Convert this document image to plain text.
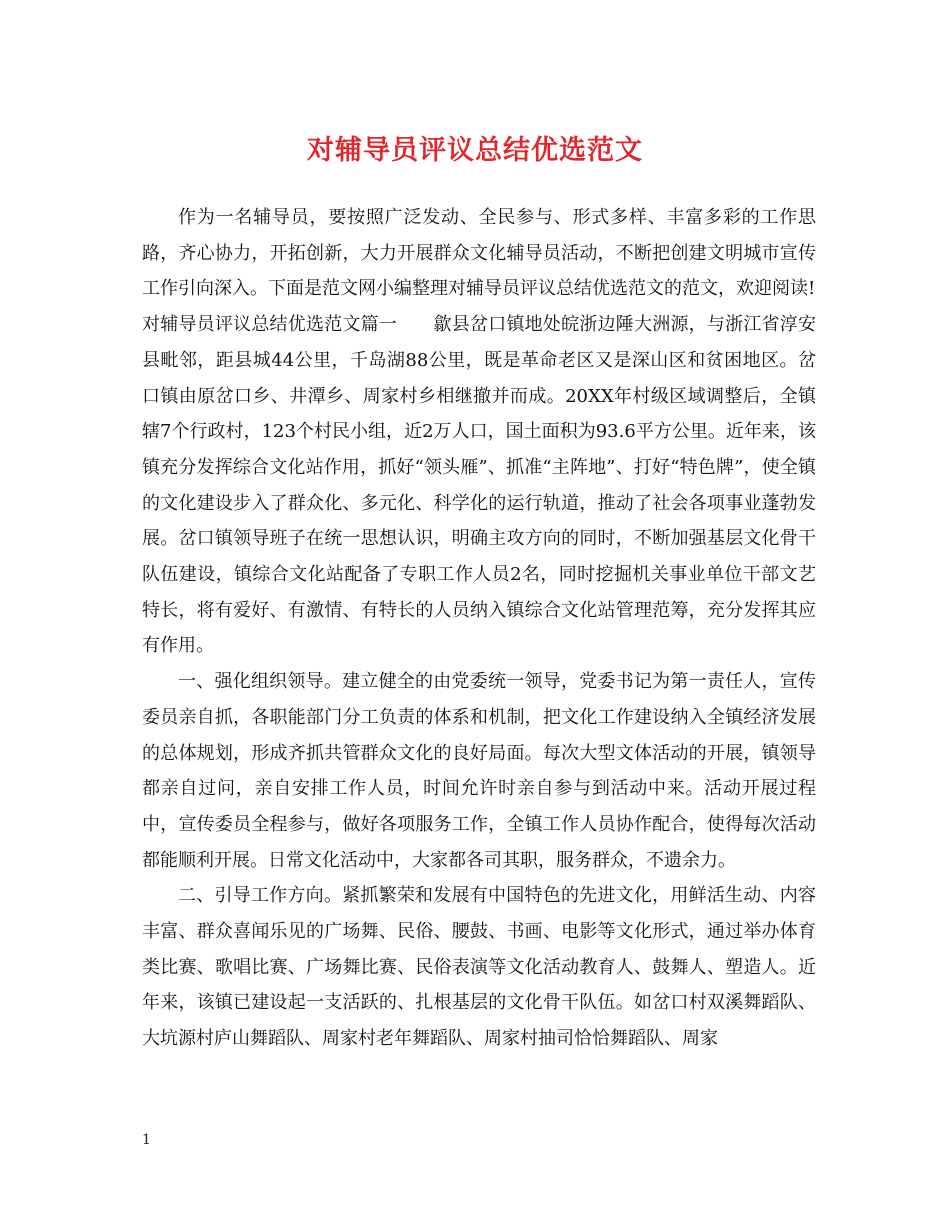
对辅导员评议总结优选范文

作为一名辅导员，要按照广泛发动、全民参与、形式多样、丰富多彩的工作思路，齐心协力，开拓创新，大力开展群众文化辅导员活动，不断把创建文明城市宣传工作引向深入。下面是范文网小编整理对辅导员评议总结优选范文的范文，欢迎阅读!

对辅导员评议总结优选范文篇一　　歙县岔口镇地处皖浙边陲大洲源，与浙江省淳安县毗邻，距县城44公里，千岛湖88公里，既是革命老区又是深山区和贫困地区。岔口镇由原岔口乡、井潭乡、周家村乡相继撤并而成。20XX年村级区域调整后，全镇辖7个行政村，123个村民小组，近2万人口，国土面积为93.6平方公里。近年来，该镇充分发挥综合文化站作用，抓好“领头雁”、抓准“主阵地”、打好“特色牌”，使全镇的文化建设步入了群众化、多元化、科学化的运行轨道，推动了社会各项事业蓬勃发展。岔口镇领导班子在统一思想认识，明确主攻方向的同时，不断加强基层文化骨干队伍建设，镇综合文化站配备了专职工作人员2名，同时挖掘机关事业单位干部文艺特长，将有爱好、有激情、有特长的人员纳入镇综合文化站管理范筹，充分发挥其应有作用。

一、强化组织领导。建立健全的由党委统一领导，党委书记为第一责任人，宣传委员亲自抓，各职能部门分工负责的体系和机制，把文化工作建设纳入全镇经济发展的总体规划，形成齐抓共管群众文化的良好局面。每次大型文体活动的开展，镇领导都亲自过问，亲自安排工作人员，时间允许时亲自参与到活动中来。活动开展过程中，宣传委员全程参与，做好各项服务工作，全镇工作人员协作配合，使得每次活动都能顺利开展。日常文化活动中，大家都各司其职，服务群众，不遗余力。

二、引导工作方向。紧抓繁荣和发展有中国特色的先进文化，用鲜活生动、内容丰富、群众喜闻乐见的广场舞、民俗、腰鼓、书画、电影等文化形式，通过举办体育类比赛、歌唱比赛、广场舞比赛、民俗表演等文化活动教育人、鼓舞人、塑造人。近年来，该镇已建设起一支活跃的、扎根基层的文化骨干队伍。如岔口村双溪舞蹈队、大坑源村庐山舞蹈队、周家村老年舞蹈队、周家村抽司恰恰舞蹈队、周家

1
